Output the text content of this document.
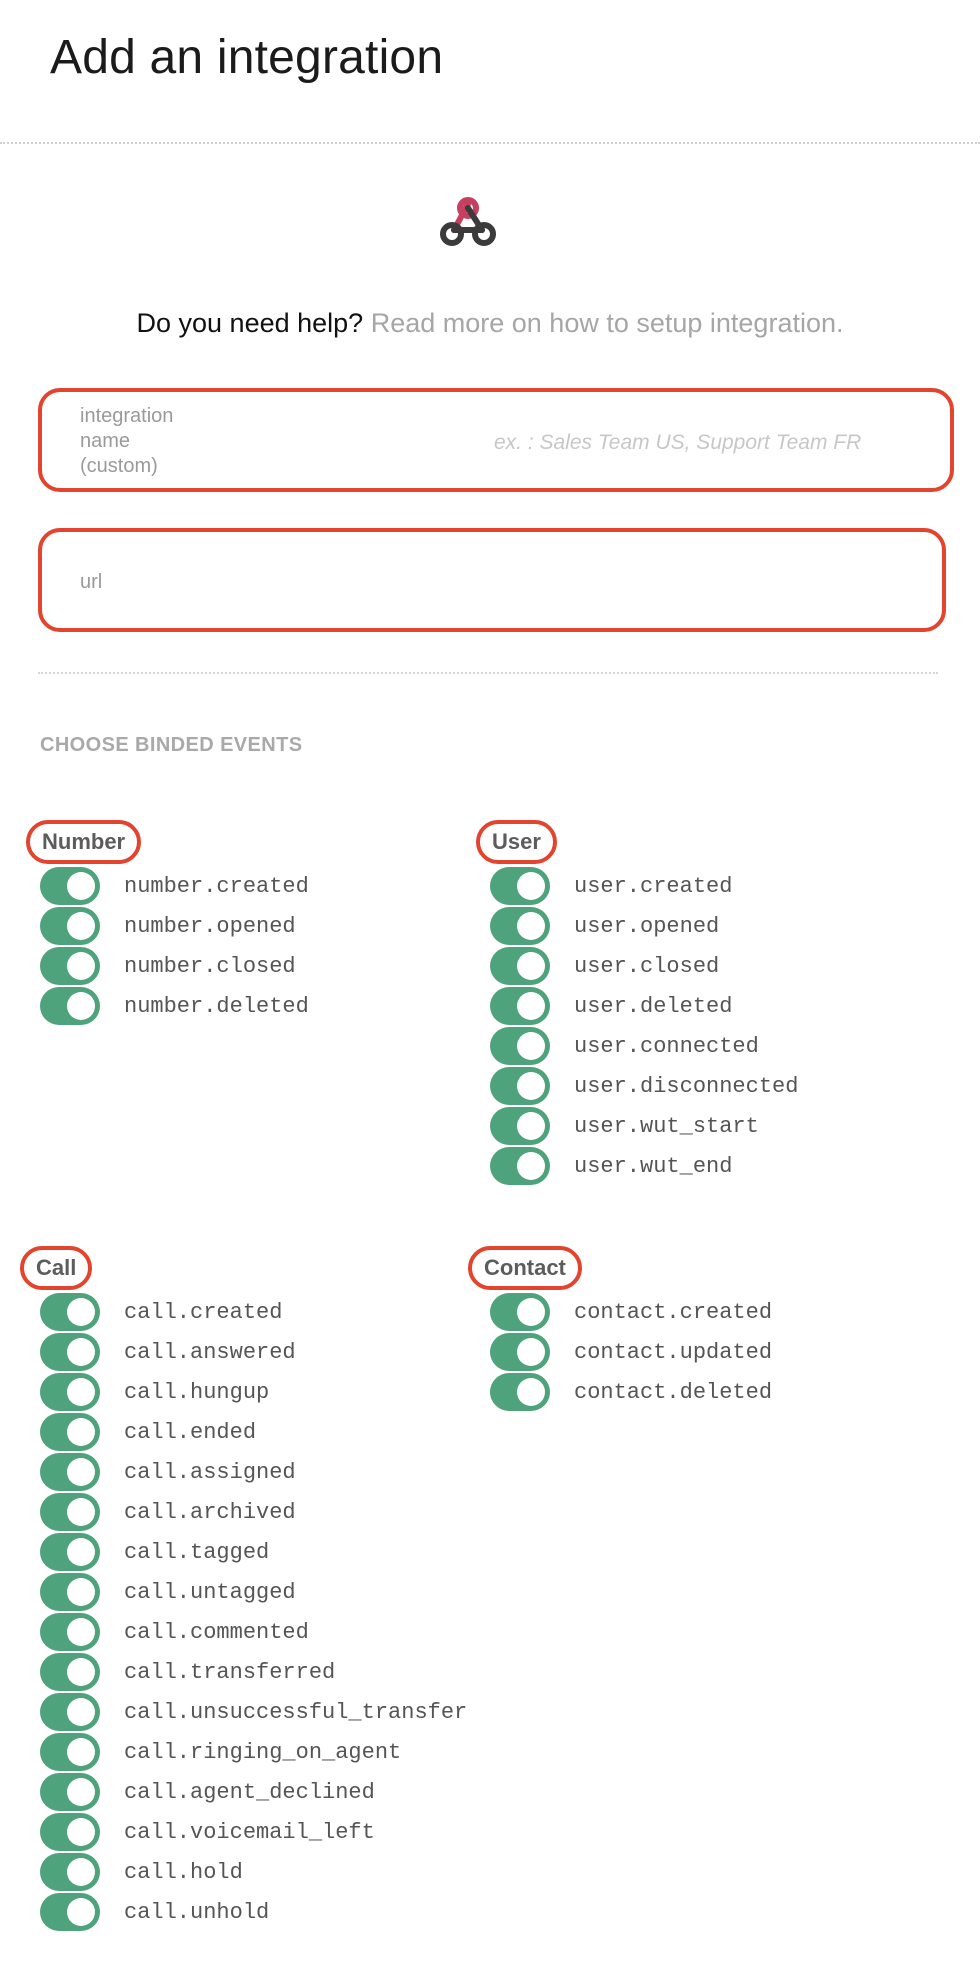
Add an integration
Do you need help? Read more on how to setup integration.
integration name (custom)
ex. : Sales Team US, Support Team FR
url
CHOOSE BINDED EVENTS
Number
number.created
number.opened
number.closed
number.deleted
User
user.created
user.opened
user.closed
user.deleted
user.connected
user.disconnected
user.wut_start
user.wut_end
Call
call.created
call.answered
call.hungup
call.ended
call.assigned
call.archived
call.tagged
call.untagged
call.commented
call.transferred
call.unsuccessful_transfer
call.ringing_on_agent
call.agent_declined
call.voicemail_left
call.hold
call.unhold
Contact
contact.created
contact.updated
contact.deleted
